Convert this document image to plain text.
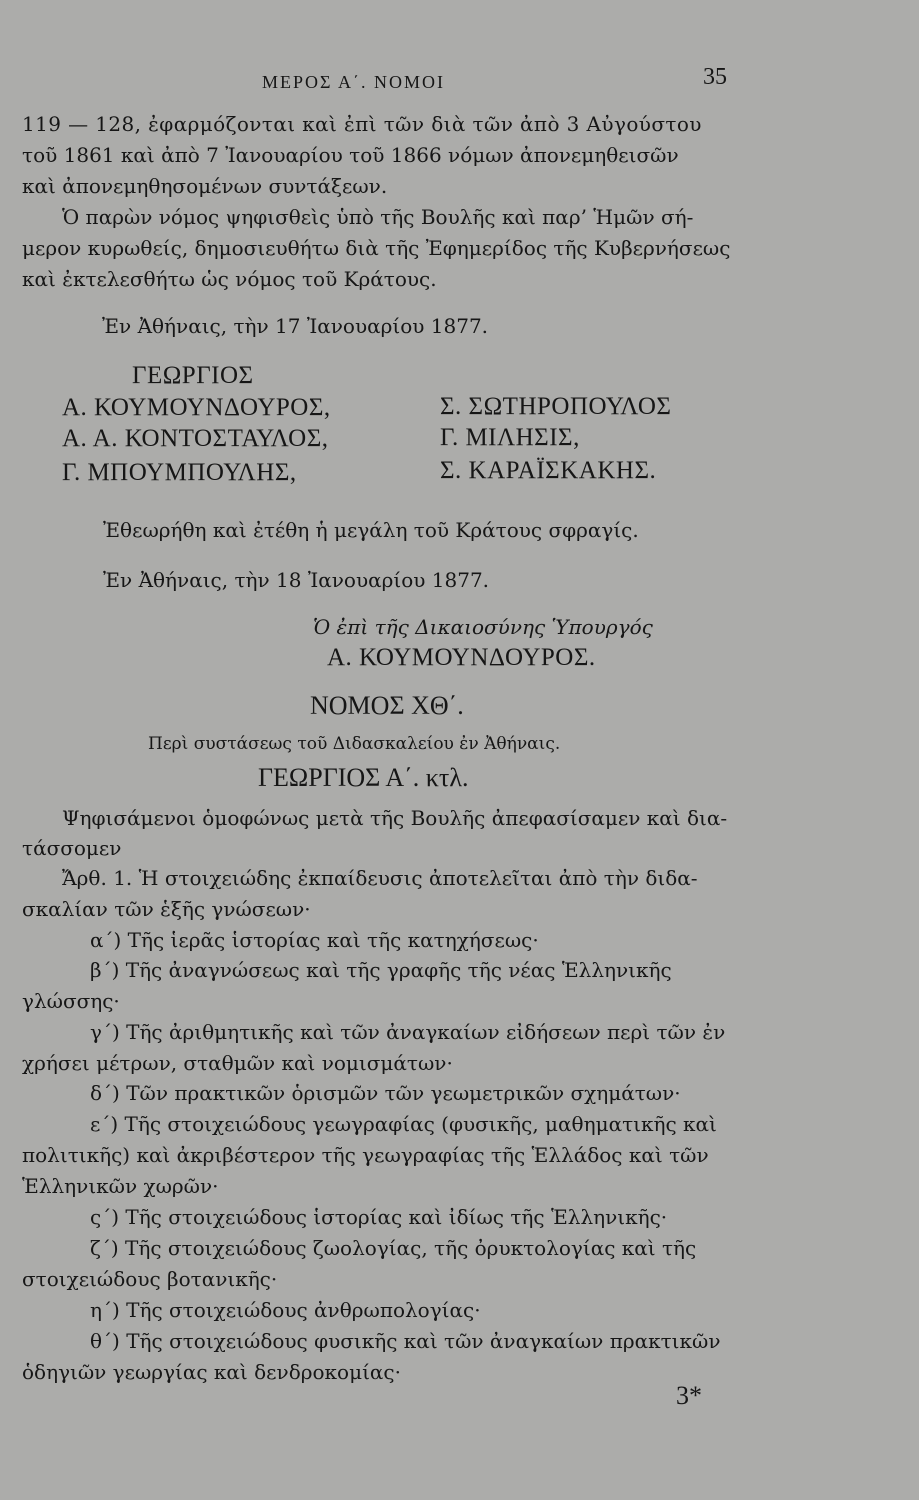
ΜΕΡΟΣ Α΄. ΝΟΜΟΙ	35
119 — 128, ἐφαρμόζονται καὶ ἐπὶ τῶν διὰ τῶν ἀπὸ 3 Αὐγούστου
τοῦ 1861 καὶ ἀπὸ 7 Ἰανουαρίου τοῦ 1866 νόμων ἀπονεμηθεισῶν
καὶ ἀπονεμηθησομένων συντάξεων.
Ὁ παρὼν νόμος ψηφισθεὶς ὑπὸ τῆς Βουλῆς καὶ παρ’ Ἡμῶν σή-
μερον κυρωθείς, δημοσιευθήτω διὰ τῆς Ἐφημερίδος τῆς Κυβερνήσεως
καὶ ἐκτελεσθήτω ὡς νόμος τοῦ Κράτους.
Ἐν Ἀθήναις, τὴν 17 Ἰανουαρίου 1877.
ΓΕΩΡΓΙΟΣ
Α. ΚΟΥΜΟΥΝΔΟΥΡΟΣ,
Α. Α. ΚΟΝΤΟΣΤΑΥΛΟΣ,
Γ. ΜΠΟΥΜΠΟΥΛΗΣ,
Σ. ΣΩΤΗΡΟΠΟΥΛΟΣ
Γ. ΜΙΛΗΣΙΣ,
Σ. ΚΑΡΑΪΣΚΑΚΗΣ.
Ἐθεωρήθη καὶ ἐτέθη ἡ μεγάλη τοῦ Κράτους σφραγίς.
Ἐν Ἀθήναις, τὴν 18 Ἰανουαρίου 1877.
Ὁ ἐπὶ τῆς Δικαιοσύνης Ὑπουργός
Α. ΚΟΥΜΟΥΝΔΟΥΡΟΣ.
ΝΟΜΟΣ ΧΘ΄.
Περὶ συστάσεως τοῦ Διδασκαλείου ἐν Ἀθήναις.
ΓΕΩΡΓΙΟΣ Α΄. κτλ.
Ψηφισάμενοι ὁμοφώνως μετὰ τῆς Βουλῆς ἀπεφασίσαμεν καὶ δια-
τάσσομεν
Ἄρθ. 1. Ἡ στοιχειώδης ἐκπαίδευσις ἀποτελεῖται ἀπὸ τὴν διδα-
σκαλίαν τῶν ἑξῆς γνώσεων·
α΄) Τῆς ἱερᾶς ἱστορίας καὶ τῆς κατηχήσεως·
β΄) Τῆς ἀναγνώσεως καὶ τῆς γραφῆς τῆς νέας Ἑλληνικῆς
γλώσσης·
γ΄) Τῆς ἀριθμητικῆς καὶ τῶν ἀναγκαίων εἰδήσεων περὶ τῶν ἐν
χρήσει μέτρων, σταθμῶν καὶ νομισμάτων·
δ΄) Τῶν πρακτικῶν ὁρισμῶν τῶν γεωμετρικῶν σχημάτων·
ε΄) Τῆς στοιχειώδους γεωγραφίας (φυσικῆς, μαθηματικῆς καὶ
πολιτικῆς) καὶ ἀκριβέστερον τῆς γεωγραφίας τῆς Ἑλλάδος καὶ τῶν
Ἑλληνικῶν χωρῶν·
ς΄) Τῆς στοιχειώδους ἱστορίας καὶ ἰδίως τῆς Ἑλληνικῆς·
ζ΄) Τῆς στοιχειώδους ζωολογίας, τῆς ὀρυκτολογίας καὶ τῆς
στοιχειώδους βοτανικῆς·
η΄) Τῆς στοιχειώδους ἀνθρωπολογίας·
θ΄) Τῆς στοιχειώδους φυσικῆς καὶ τῶν ἀναγκαίων πρακτικῶν
ὁδηγιῶν γεωργίας καὶ δενδροκομίας·
3*
